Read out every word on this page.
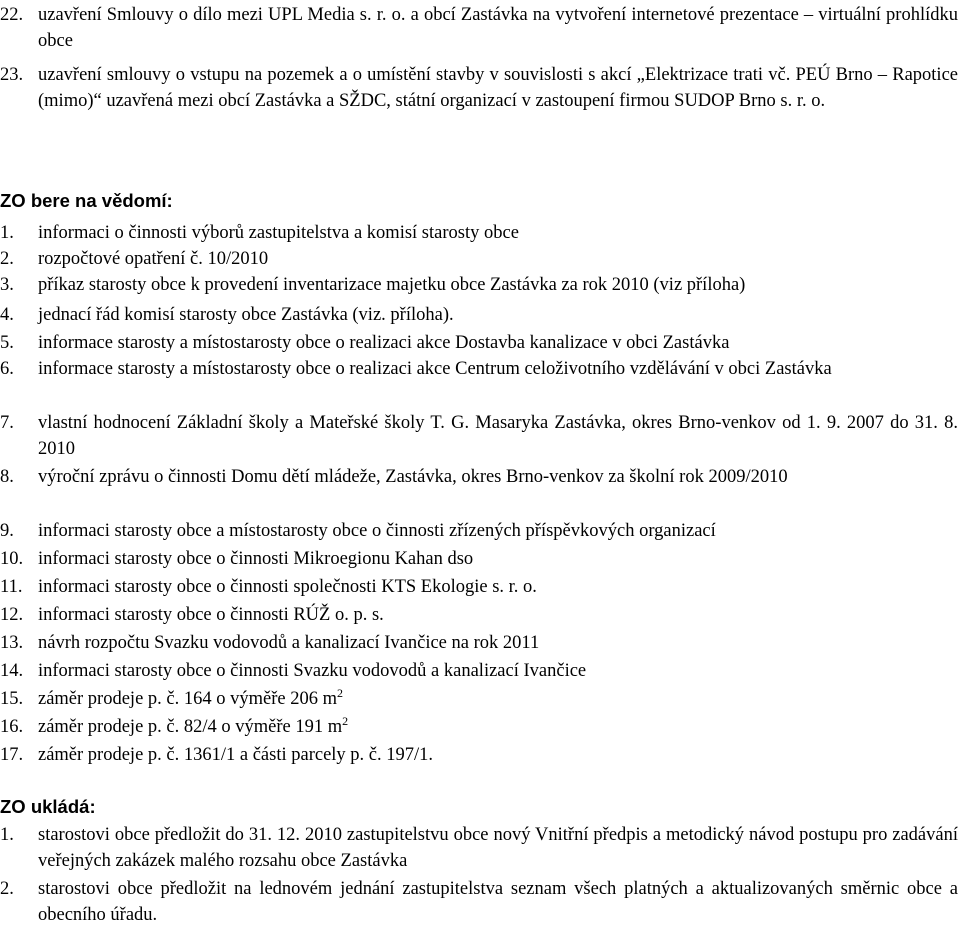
22. uzavření Smlouvy o dílo mezi UPL Media s. r. o. a obcí Zastávka na vytvoření internetové prezentace – virtuální prohlídku obce
23. uzavření smlouvy o vstupu na pozemek a o umístění stavby v souvislosti s akcí „Elektrizace trati vč. PEÚ Brno – Rapotice (mimo)“ uzavřená mezi obcí Zastávka a SŽDC, státní organizací v zastoupení firmou SUDOP Brno s. r. o.
ZO bere na vědomí:
1. informaci o činnosti výborů zastupitelstva a komisí starosty obce
2. rozpočtové opatření č. 10/2010
3. příkaz starosty obce k provedení inventarizace majetku obce Zastávka za rok 2010 (viz příloha)
4. jednací řád komisí starosty obce Zastávka (viz. příloha).
5. informace starosty a místostarosty obce o realizaci akce Dostavba kanalizace v obci Zastávka
6. informace starosty a místostarosty obce o realizaci akce Centrum celoživotního vzdělávání v obci Zastávka
7. vlastní hodnocení Základní školy a Mateřské školy T. G. Masaryka Zastávka, okres Brno-venkov od 1. 9. 2007 do 31. 8. 2010
8. výroční zprávu o činnosti Domu dětí mládeže, Zastávka, okres Brno-venkov za školní rok 2009/2010
9. informaci starosty obce a místostarosty obce o činnosti zřízených příspěvkových organizací
10. informaci starosty obce o činnosti Mikroegionu Kahan dso
11. informaci starosty obce o činnosti společnosti KTS Ekologie s. r. o.
12. informaci starosty obce o činnosti RÚŽ o. p. s.
13. návrh rozpočtu Svazku vodovodů a kanalizací Ivančice na rok 2011
14. informaci starosty obce o činnosti Svazku vodovodů a kanalizací Ivančice
15. záměr prodeje p. č. 164 o výměře 206 $m^2$
16. záměr prodeje p. č. 82/4 o výměře 191 $m^2$
17. záměr prodeje p. č. 1361/1 a části parcely p. č. 197/1.
ZO ukládá:
1. starostovi obce předložit do 31. 12. 2010 zastupitelstvu obce nový Vnitřní předpis a metodický návod postupu pro zadávání veřejných zakázek malého rozsahu obce Zastávka
2. starostovi obce předložit na lednovém jednání zastupitelstva seznam všech platných a aktualizovaných směrnic obce a obecního úřadu.
